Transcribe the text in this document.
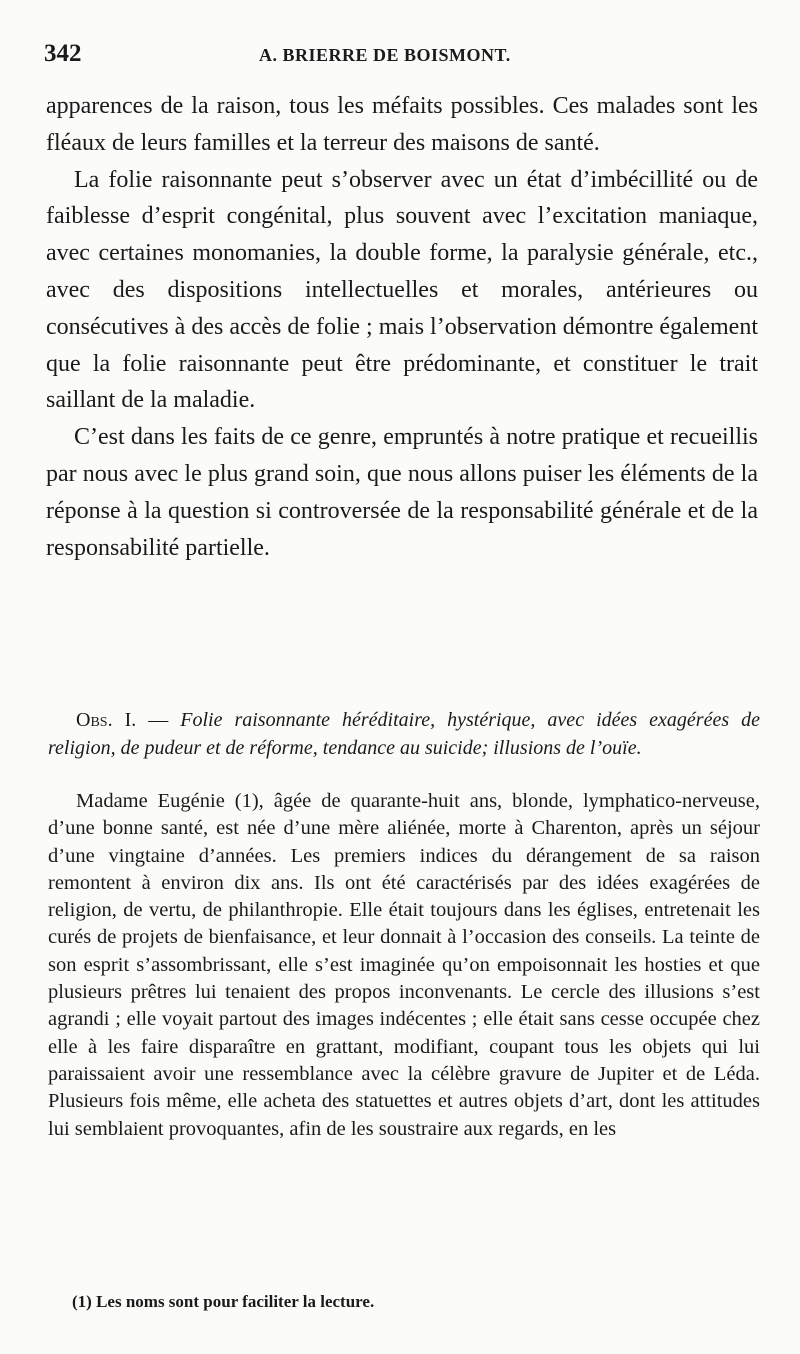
342	A. BRIERRE DE BOISMONT.

apparences de la raison, tous les méfaits possibles. Ces malades sont les fléaux de leurs familles et la terreur des maisons de santé.

La folie raisonnante peut s’observer avec un état d’imbécillité ou de faiblesse d’esprit congénital, plus souvent avec l’excitation maniaque, avec certaines monomanies, la double forme, la paralysie générale, etc., avec des dispositions intellectuelles et morales, antérieures ou consécutives à des accès de folie ; mais l’observation démontre également que la folie raisonnante peut être prédominante, et constituer le trait saillant de la maladie.

C’est dans les faits de ce genre, empruntés à notre pratique et recueillis par nous avec le plus grand soin, que nous allons puiser les éléments de la réponse à la question si controversée de la responsabilité générale et de la responsabilité partielle.

Obs. I. — Folie raisonnante héréditaire, hystérique, avec idées exagérées de religion, de pudeur et de réforme, tendance au suicide; illusions de l’ouïe.

Madame Eugénie (1), âgée de quarante-huit ans, blonde, lymphatico-nerveuse, d’une bonne santé, est née d’une mère aliénée, morte à Charenton, après un séjour d’une vingtaine d’années. Les premiers indices du dérangement de sa raison remontent à environ dix ans. Ils ont été caractérisés par des idées exagérées de religion, de vertu, de philanthropie. Elle était toujours dans les églises, entretenait les curés de projets de bienfaisance, et leur donnait à l’occasion des conseils. La teinte de son esprit s’assombrissant, elle s’est imaginée qu’on empoisonnait les hosties et que plusieurs prêtres lui tenaient des propos inconvenants. Le cercle des illusions s’est agrandi ; elle voyait partout des images indécentes ; elle était sans cesse occupée chez elle à les faire disparaître en grattant, modifiant, coupant tous les objets qui lui paraissaient avoir une ressemblance avec la célèbre gravure de Jupiter et de Léda. Plusieurs fois même, elle acheta des statuettes et autres objets d’art, dont les attitudes lui semblaient provoquantes, afin de les soustraire aux regards, en les

(1) Les noms sont pour faciliter la lecture.
